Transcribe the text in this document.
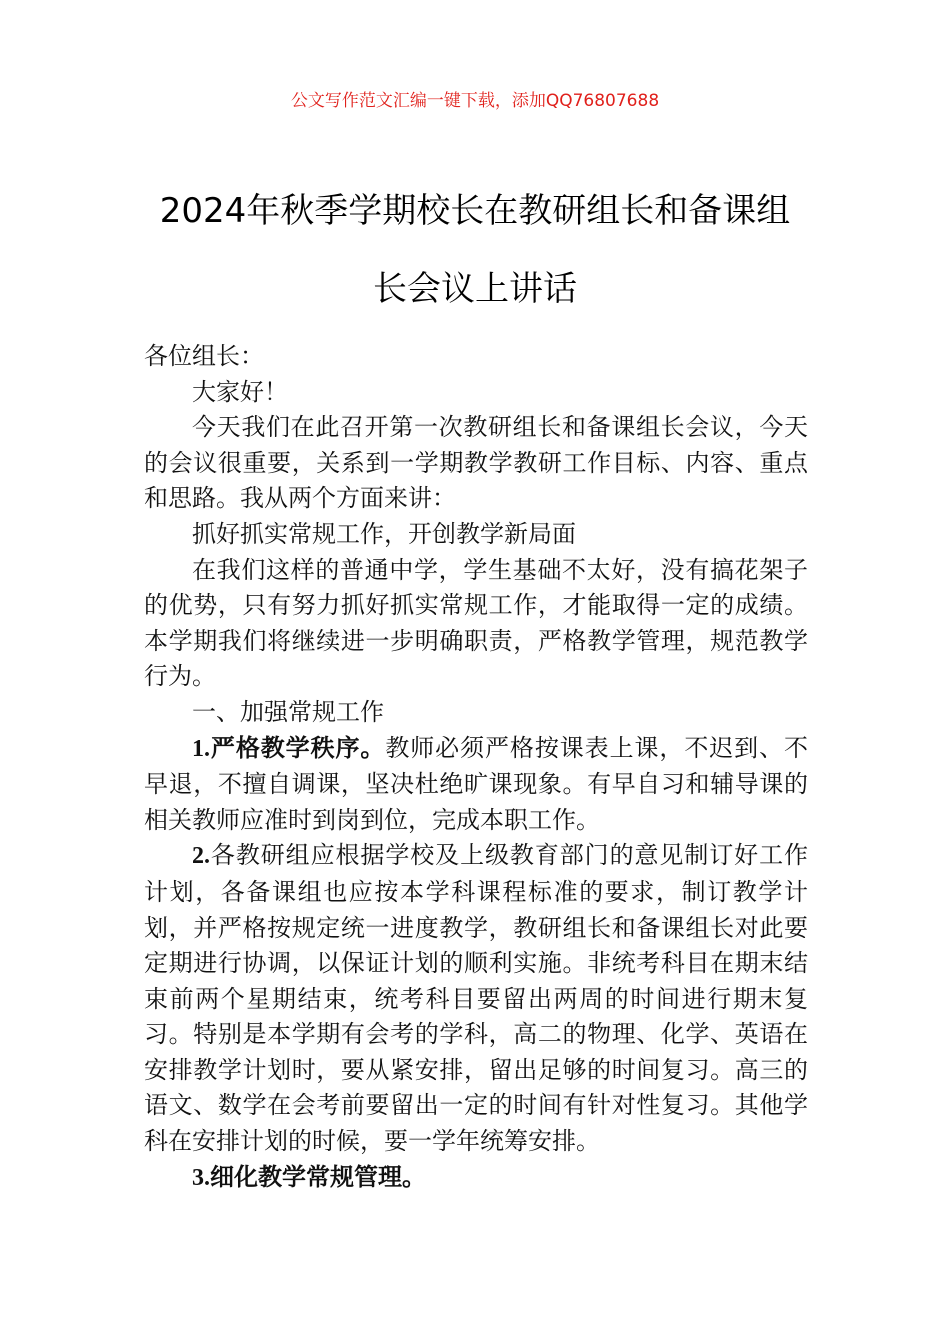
公文写作范文汇编一键下载，添加QQ76807688
2024年秋季学期校长在教研组长和备课组
长会议上讲话

各位组长：

大家好！

今天我们在此召开第一次教研组长和备课组长会议，今天的会议很重要，关系到一学期教学教研工作目标、内容、重点和思路。我从两个方面来讲：

抓好抓实常规工作，开创教学新局面

在我们这样的普通中学，学生基础不太好，没有搞花架子的优势，只有努力抓好抓实常规工作，才能取得一定的成绩。本学期我们将继续进一步明确职责，严格教学管理，规范教学行为。

一、加强常规工作

1.严格教学秩序。教师必须严格按课表上课，不迟到、不早退，不擅自调课，坚决杜绝旷课现象。有早自习和辅导课的相关教师应准时到岗到位，完成本职工作。

2.各教研组应根据学校及上级教育部门的意见制订好工作计划，各备课组也应按本学科课程标准的要求，制订教学计划，并严格按规定统一进度教学，教研组长和备课组长对此要定期进行协调，以保证计划的顺利实施。非统考科目在期末结束前两个星期结束，统考科目要留出两周的时间进行期末复习。特别是本学期有会考的学科，高二的物理、化学、英语在安排教学计划时，要从紧安排，留出足够的时间复习。高三的语文、数学在会考前要留出一定的时间有针对性复习。其他学科在安排计划的时候，要一学年统筹安排。

3.细化教学常规管理。
